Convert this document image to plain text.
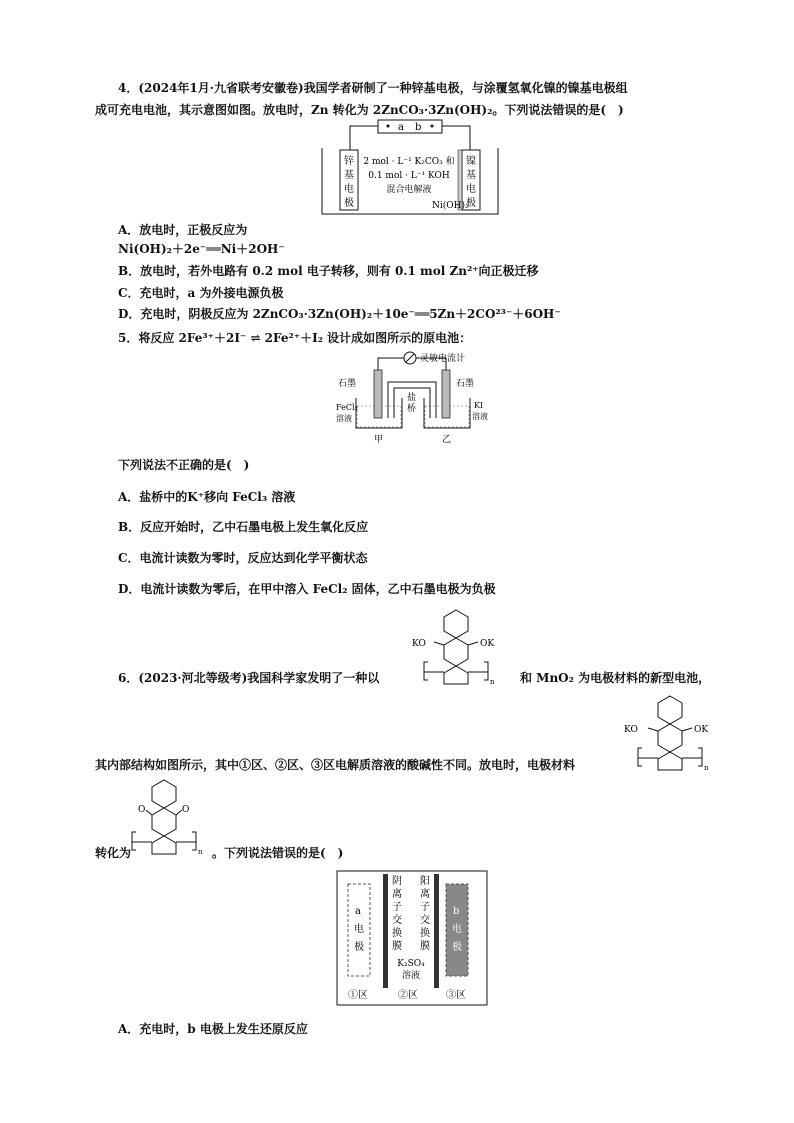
4．(2024年1月·九省联考安徽卷)我国学者研制了一种锌基电极，与涂覆氢氧化镍的镍基电极组
成可充电电池，其示意图如图。放电时，Zn 转化为 2ZnCO₃·3Zn(OH)₂。下列说法错误的是(　)
a b
锌
基
电
极
镍
基
电
极
2 mol · L⁻¹ K₂CO₃ 和
0.1 mol · L⁻¹ KOH
混合电解液
Ni(OH)₂
A．放电时，正极反应为
Ni(OH)₂＋2e⁻══Ni＋2OH⁻
B．放电时，若外电路有 0.2 mol 电子转移，则有 0.1 mol Zn²⁺向正极迁移
C．充电时，a 为外接电源负极
D．充电时，阴极反应为 2ZnCO₃·3Zn(OH)₂＋10e⁻══5Zn＋2CO²³⁻＋6OH⁻
5．将反应 2Fe³⁺＋2I⁻ ⇌ 2Fe²⁺＋I₂ 设计成如图所示的原电池：
灵敏电流计
盐
桥
石墨	石墨
FeCl₃
溶液
KI
溶液
甲	乙
下列说法不正确的是(　)
A．盐桥中的K⁺移向 FeCl₃ 溶液
B．反应开始时，乙中石墨电极上发生氧化反应
C．电流计读数为零时，反应达到化学平衡状态
D．电流计读数为零后，在甲中溶入 FeCl₂ 固体，乙中石墨电极为负极
KO	OK
n
6．(2023·河北等级考)我国科学家发明了一种以	和 MnO₂ 为电极材料的新型电池，
KO	OK
n
其内部结构如图所示，其中①区、②区、③区电解质溶液的酸碱性不同。放电时，电极材料
O	O
n
转化为	。下列说法错误的是(　)
a
电
极
b
电
极
阴
离
子
交
换
膜
阳
离
子
交
换
膜
K₂SO₄
溶液
①区	②区	③区
A．充电时，b 电极上发生还原反应
